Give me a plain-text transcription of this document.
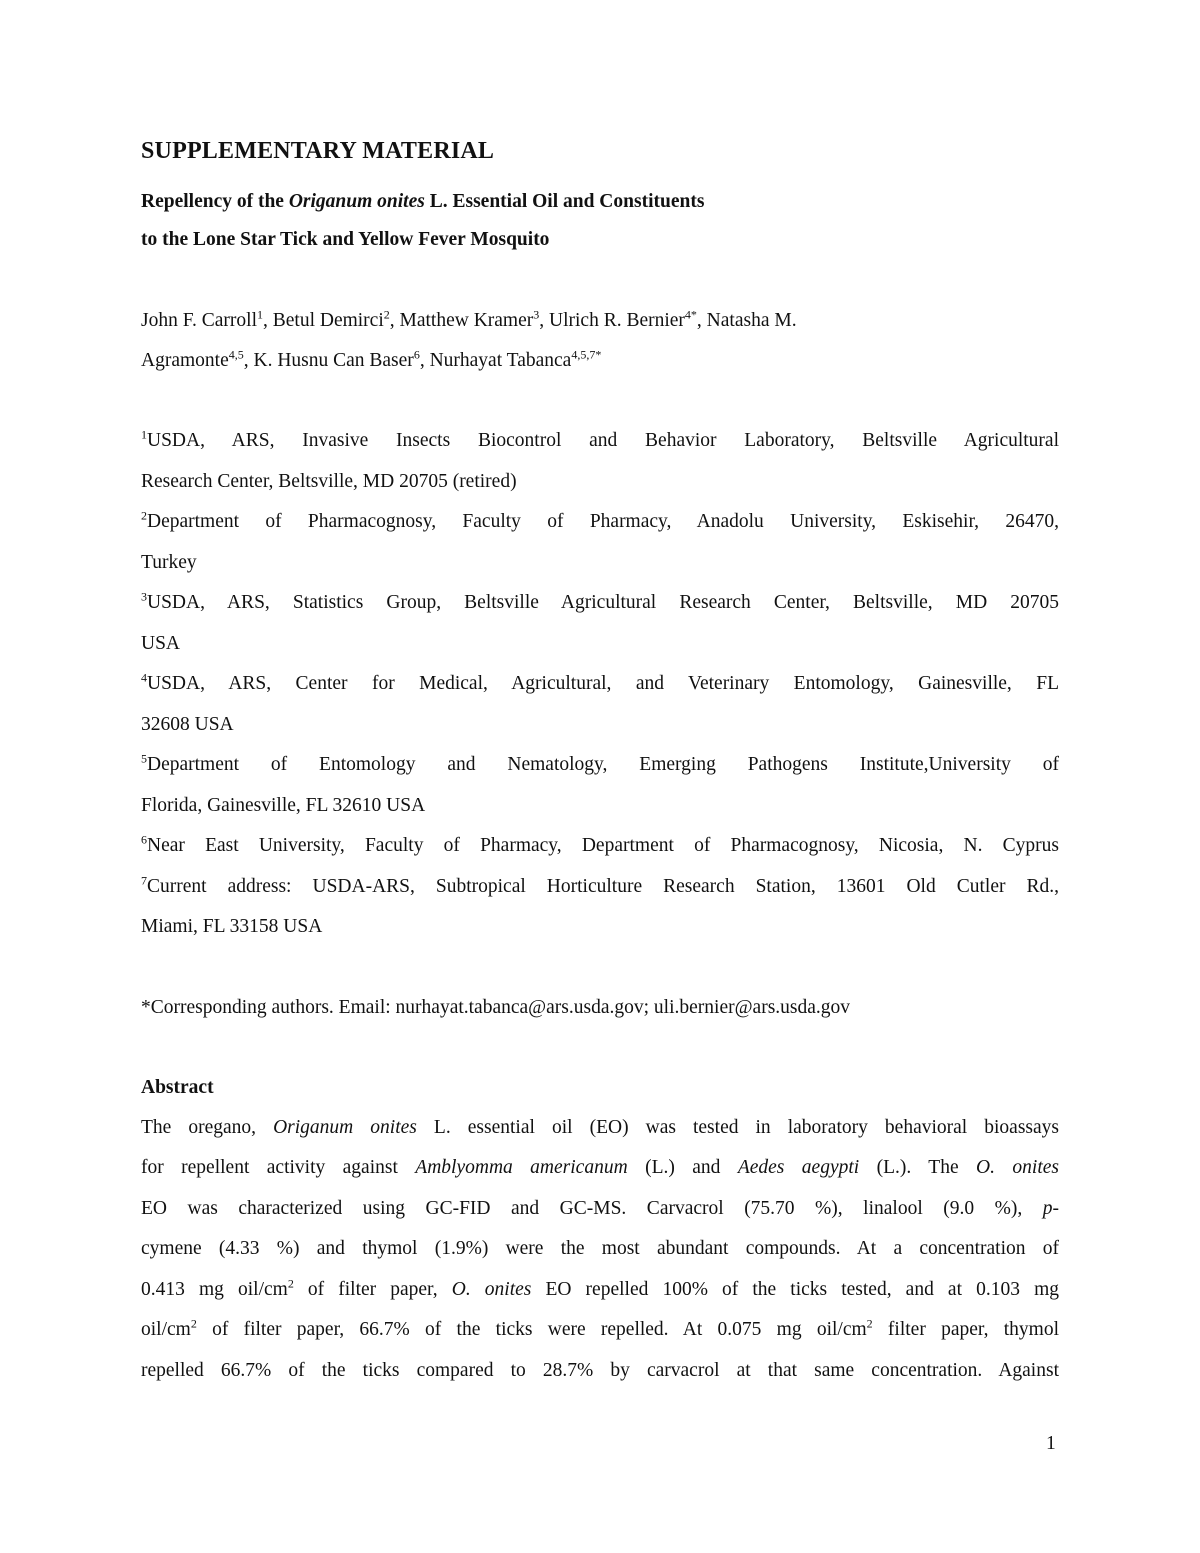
SUPPLEMENTARY MATERIAL
Repellency of the Origanum onites L. Essential Oil and Constituents
to the Lone Star Tick and Yellow Fever Mosquito
John F. Carroll$^1$, Betul Demirci$^2$, Matthew Kramer$^3$, Ulrich R. Bernier$^{4*}$, Natasha M.
Agramonte$^{4,5}$, K. Husnu Can Baser$^6$, Nurhayat Tabanca$^{4,5,7*}$
$^1$USDA, ARS, Invasive Insects Biocontrol and Behavior Laboratory, Beltsville Agricultural
Research Center, Beltsville, MD 20705 (retired)
$^2$Department of Pharmacognosy, Faculty of Pharmacy, Anadolu University, Eskisehir, 26470,
Turkey
$^3$USDA, ARS, Statistics Group, Beltsville Agricultural Research Center, Beltsville, MD 20705
USA
$^4$USDA, ARS, Center for Medical, Agricultural, and Veterinary Entomology, Gainesville, FL
32608 USA
$^5$Department of Entomology and Nematology, Emerging Pathogens Institute,University of
Florida, Gainesville, FL 32610 USA
$^6$Near East University, Faculty of Pharmacy, Department of Pharmacognosy, Nicosia, N. Cyprus
$^7$Current address: USDA-ARS, Subtropical Horticulture Research Station, 13601 Old Cutler Rd.,
Miami, FL 33158 USA
*Corresponding authors. Email: nurhayat.tabanca@ars.usda.gov; uli.bernier@ars.usda.gov
Abstract
The oregano, Origanum onites L. essential oil (EO) was tested in laboratory behavioral bioassays
for repellent activity against Amblyomma americanum (L.) and Aedes aegypti (L.). The O. onites
EO was characterized using GC-FID and GC-MS. Carvacrol (75.70 %), linalool (9.0 %), p-
cymene (4.33 %) and thymol (1.9%) were the most abundant compounds. At a concentration of
0.413 mg oil/$cm^2$ of filter paper, O. onites EO repelled 100% of the ticks tested, and at 0.103 mg
oil/$cm^2$ of filter paper, 66.7% of the ticks were repelled. At 0.075 mg oil/$cm^2$ filter paper, thymol
repelled 66.7% of the ticks compared to 28.7% by carvacrol at that same concentration. Against
1
